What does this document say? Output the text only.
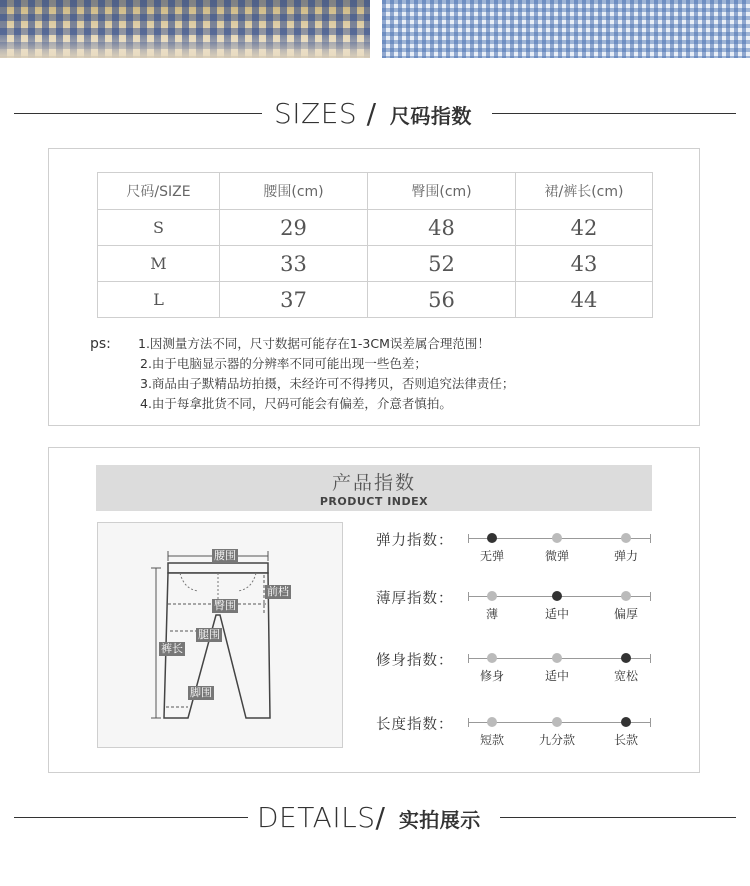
SIZES / 尺码指数
尺码/SIZE	腰围(cm)	臀围(cm)	裙/裤长(cm)
S	29	48	42
M	33	52	43
L	37	56	44
ps: 1.因测量方法不同，尺寸数据可能存在1-3CM误差属合理范围！
2.由于电脑显示器的分辨率不同可能出现一些色差；
3.商品由子默精品坊拍摄，未经许可不得拷贝，否则追究法律责任；
4.由于每拿批货不同，尺码可能会有偏差，介意者慎拍。
产品指数
PRODUCT INDEX
腰围
前档
臀围
腿围
裤长
脚围
弹力指数：
无弹	微弹	弹力
薄厚指数：
薄	适中	偏厚
修身指数：
修身	适中	宽松
长度指数：
短款	九分款	长款
DETAILS/ 实拍展示
